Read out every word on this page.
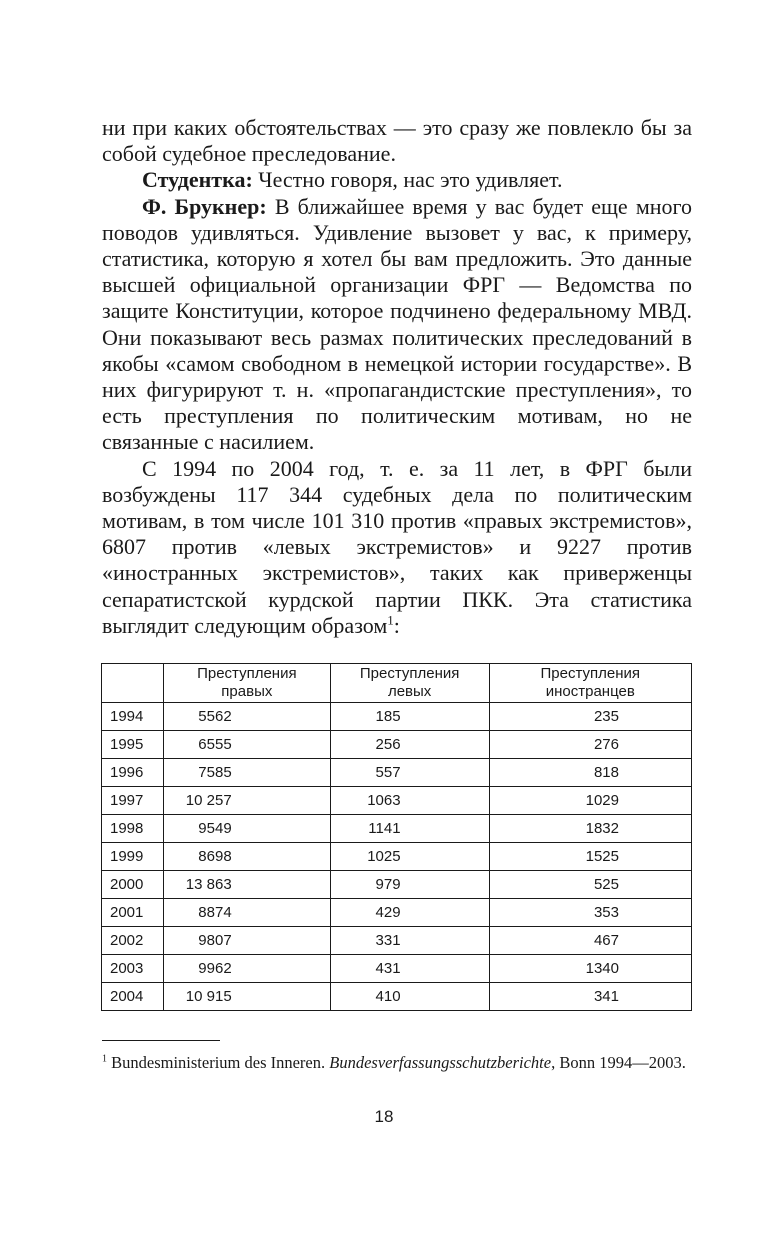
ни при каких обстоятельствах — это сразу же повлекло бы за собой судебное преследование.

Студентка: Честно говоря, нас это удивляет.

Ф. Брукнер: В ближайшее время у вас будет еще много поводов удивляться. Удивление вызовет у вас, к примеру, статистика, которую я хотел бы вам предложить. Это данные высшей официальной организации ФРГ — Ведомства по защите Конституции, которое подчинено федеральному МВД. Они показывают весь размах политических преследований в якобы «самом свободном в немецкой истории государстве». В них фигурируют т. н. «пропагандистские преступления», то есть преступления по политическим мотивам, но не связанные с насилием.

С 1994 по 2004 год, т. е. за 11 лет, в ФРГ были возбуждены 117 344 судебных дела по политическим мотивам, в том числе 101 310 против «правых экстремистов», 6807 против «левых экстремистов» и 9227 против «иностранных экстремистов», таких как приверженцы сепаратистской курдской партии ПКК. Эта статистика выглядит следующим образом$^1$:

	Преступления правых	Преступления левых	Преступления иностранцев
1994	5562	185	235
1995	6555	256	276
1996	7585	557	818
1997	10 257	1063	1029
1998	9549	1141	1832
1999	8698	1025	1525
2000	13 863	979	525
2001	8874	429	353
2002	9807	331	467
2003	9962	431	1340
2004	10 915	410	341
$^1$ Bundesministerium des Inneren. Bundesverfassungsschutzberichte, Bonn 1994—2003.
18
